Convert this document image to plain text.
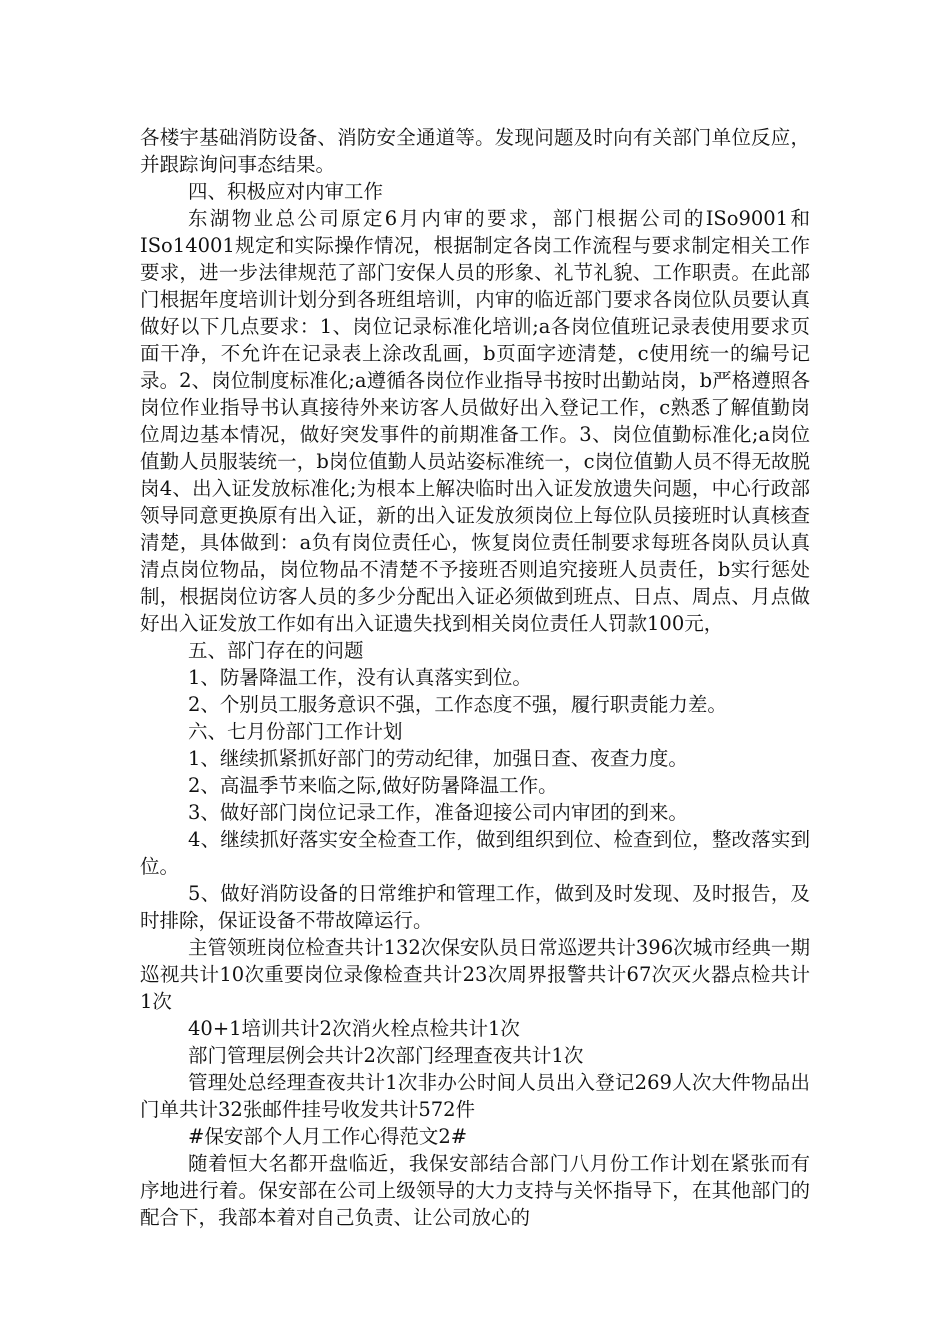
各楼宇基础消防设备、消防安全通道等。发现问题及时向有关部门单位反应，并跟踪询问事态结果。

四、积极应对内审工作

东湖物业总公司原定6月内审的要求，部门根据公司的ISo9001和ISo14001规定和实际操作情况，根据制定各岗工作流程与要求制定相关工作要求，进一步法律规范了部门安保人员的形象、礼节礼貌、工作职责。在此部门根据年度培训计划分到各班组培训，内审的临近部门要求各岗位队员要认真做好以下几点要求：1、岗位记录标准化培训;a各岗位值班记录表使用要求页面干净，不允许在记录表上涂改乱画，b页面字迹清楚，c使用统一的编号记录。2、岗位制度标准化;a遵循各岗位作业指导书按时出勤站岗，b严格遵照各岗位作业指导书认真接待外来访客人员做好出入登记工作，c熟悉了解值勤岗位周边基本情况，做好突发事件的前期准备工作。3、岗位值勤标准化;a岗位值勤人员服装统一，b岗位值勤人员站姿标准统一，c岗位值勤人员不得无故脱岗4、出入证发放标准化;为根本上解决临时出入证发放遗失问题，中心行政部领导同意更换原有出入证，新的出入证发放须岗位上每位队员接班时认真核查清楚，具体做到：a负有岗位责任心，恢复岗位责任制要求每班各岗队员认真清点岗位物品，岗位物品不清楚不予接班否则追究接班人员责任，b实行惩处制，根据岗位访客人员的多少分配出入证必须做到班点、日点、周点、月点做好出入证发放工作如有出入证遗失找到相关岗位责任人罚款100元，

五、部门存在的问题

1、防暑降温工作，没有认真落实到位。

2、个别员工服务意识不强，工作态度不强，履行职责能力差。

六、七月份部门工作计划

1、继续抓紧抓好部门的劳动纪律，加强日查、夜查力度。

2、高温季节来临之际,做好防暑降温工作。

3、做好部门岗位记录工作，准备迎接公司内审团的到来。

4、继续抓好落实安全检查工作，做到组织到位、检查到位，整改落实到位。

5、做好消防设备的日常维护和管理工作，做到及时发现、及时报告，及时排除，保证设备不带故障运行。

主管领班岗位检查共计132次保安队员日常巡逻共计396次城市经典一期巡视共计10次重要岗位录像检查共计23次周界报警共计67次灭火器点检共计1次

40+1培训共计2次消火栓点检共计1次

部门管理层例会共计2次部门经理查夜共计1次

管理处总经理查夜共计1次非办公时间人员出入登记269人次大件物品出门单共计32张邮件挂号收发共计572件

#保安部个人月工作心得范文2#

随着恒大名都开盘临近，我保安部结合部门八月份工作计划在紧张而有序地进行着。保安部在公司上级领导的大力支持与关怀指导下，在其他部门的配合下，我部本着对自己负责、让公司放心的
